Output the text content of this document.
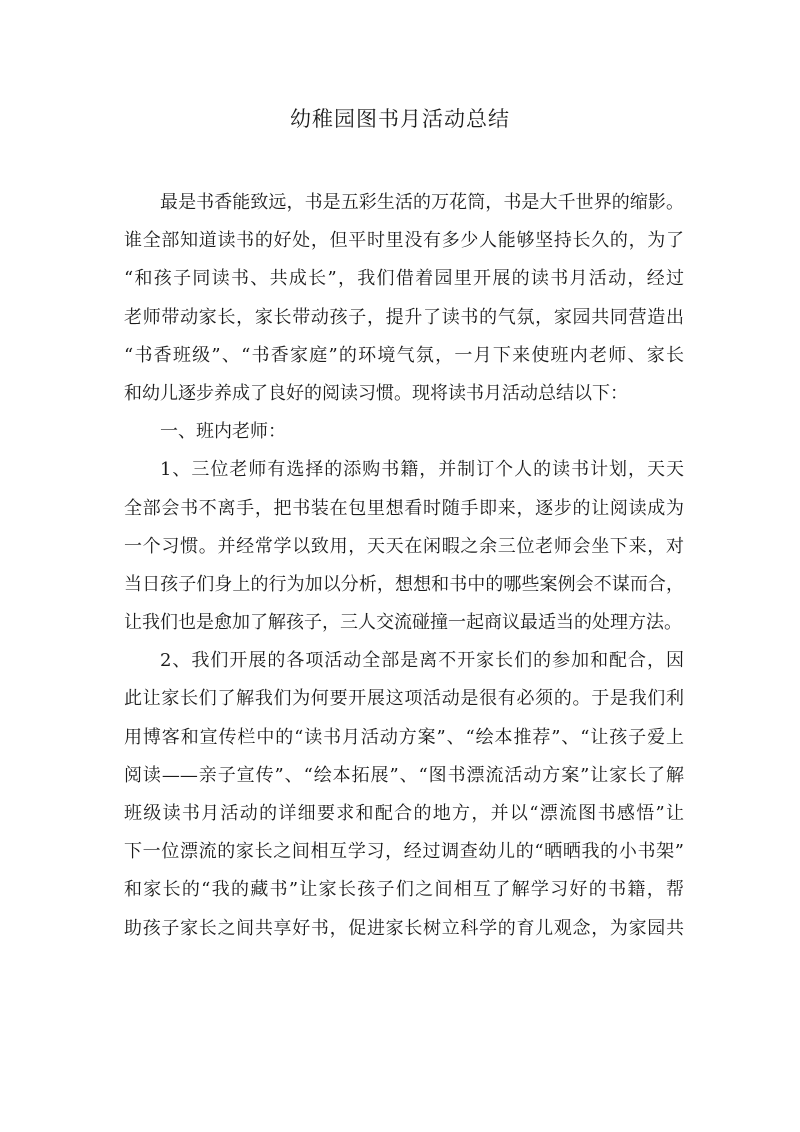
幼稚园图书月活动总结
最是书香能致远，书是五彩生活的万花筒，书是大千世界的缩影。
谁全部知道读书的好处，但平时里没有多少人能够坚持长久的，为了
“和孩子同读书、共成长”，我们借着园里开展的读书月活动，经过
老师带动家长，家长带动孩子，提升了读书的气氛，家园共同营造出
“书香班级”、“书香家庭”的环境气氛，一月下来使班内老师、家长
和幼儿逐步养成了良好的阅读习惯。现将读书月活动总结以下：
一、班内老师：
1、三位老师有选择的添购书籍，并制订个人的读书计划，天天
全部会书不离手，把书装在包里想看时随手即来，逐步的让阅读成为
一个习惯。并经常学以致用，天天在闲暇之余三位老师会坐下来，对
当日孩子们身上的行为加以分析，想想和书中的哪些案例会不谋而合，
让我们也是愈加了解孩子，三人交流碰撞一起商议最适当的处理方法。
2、我们开展的各项活动全部是离不开家长们的参加和配合，因
此让家长们了解我们为何要开展这项活动是很有必须的。于是我们利
用博客和宣传栏中的“读书月活动方案”、“绘本推荐”、“让孩子爱上
阅读——亲子宣传”、“绘本拓展”、“图书漂流活动方案”让家长了解
班级读书月活动的详细要求和配合的地方，并以“漂流图书感悟”让
下一位漂流的家长之间相互学习，经过调查幼儿的“晒晒我的小书架”
和家长的“我的藏书”让家长孩子们之间相互了解学习好的书籍，帮
助孩子家长之间共享好书，促进家长树立科学的育儿观念，为家园共
